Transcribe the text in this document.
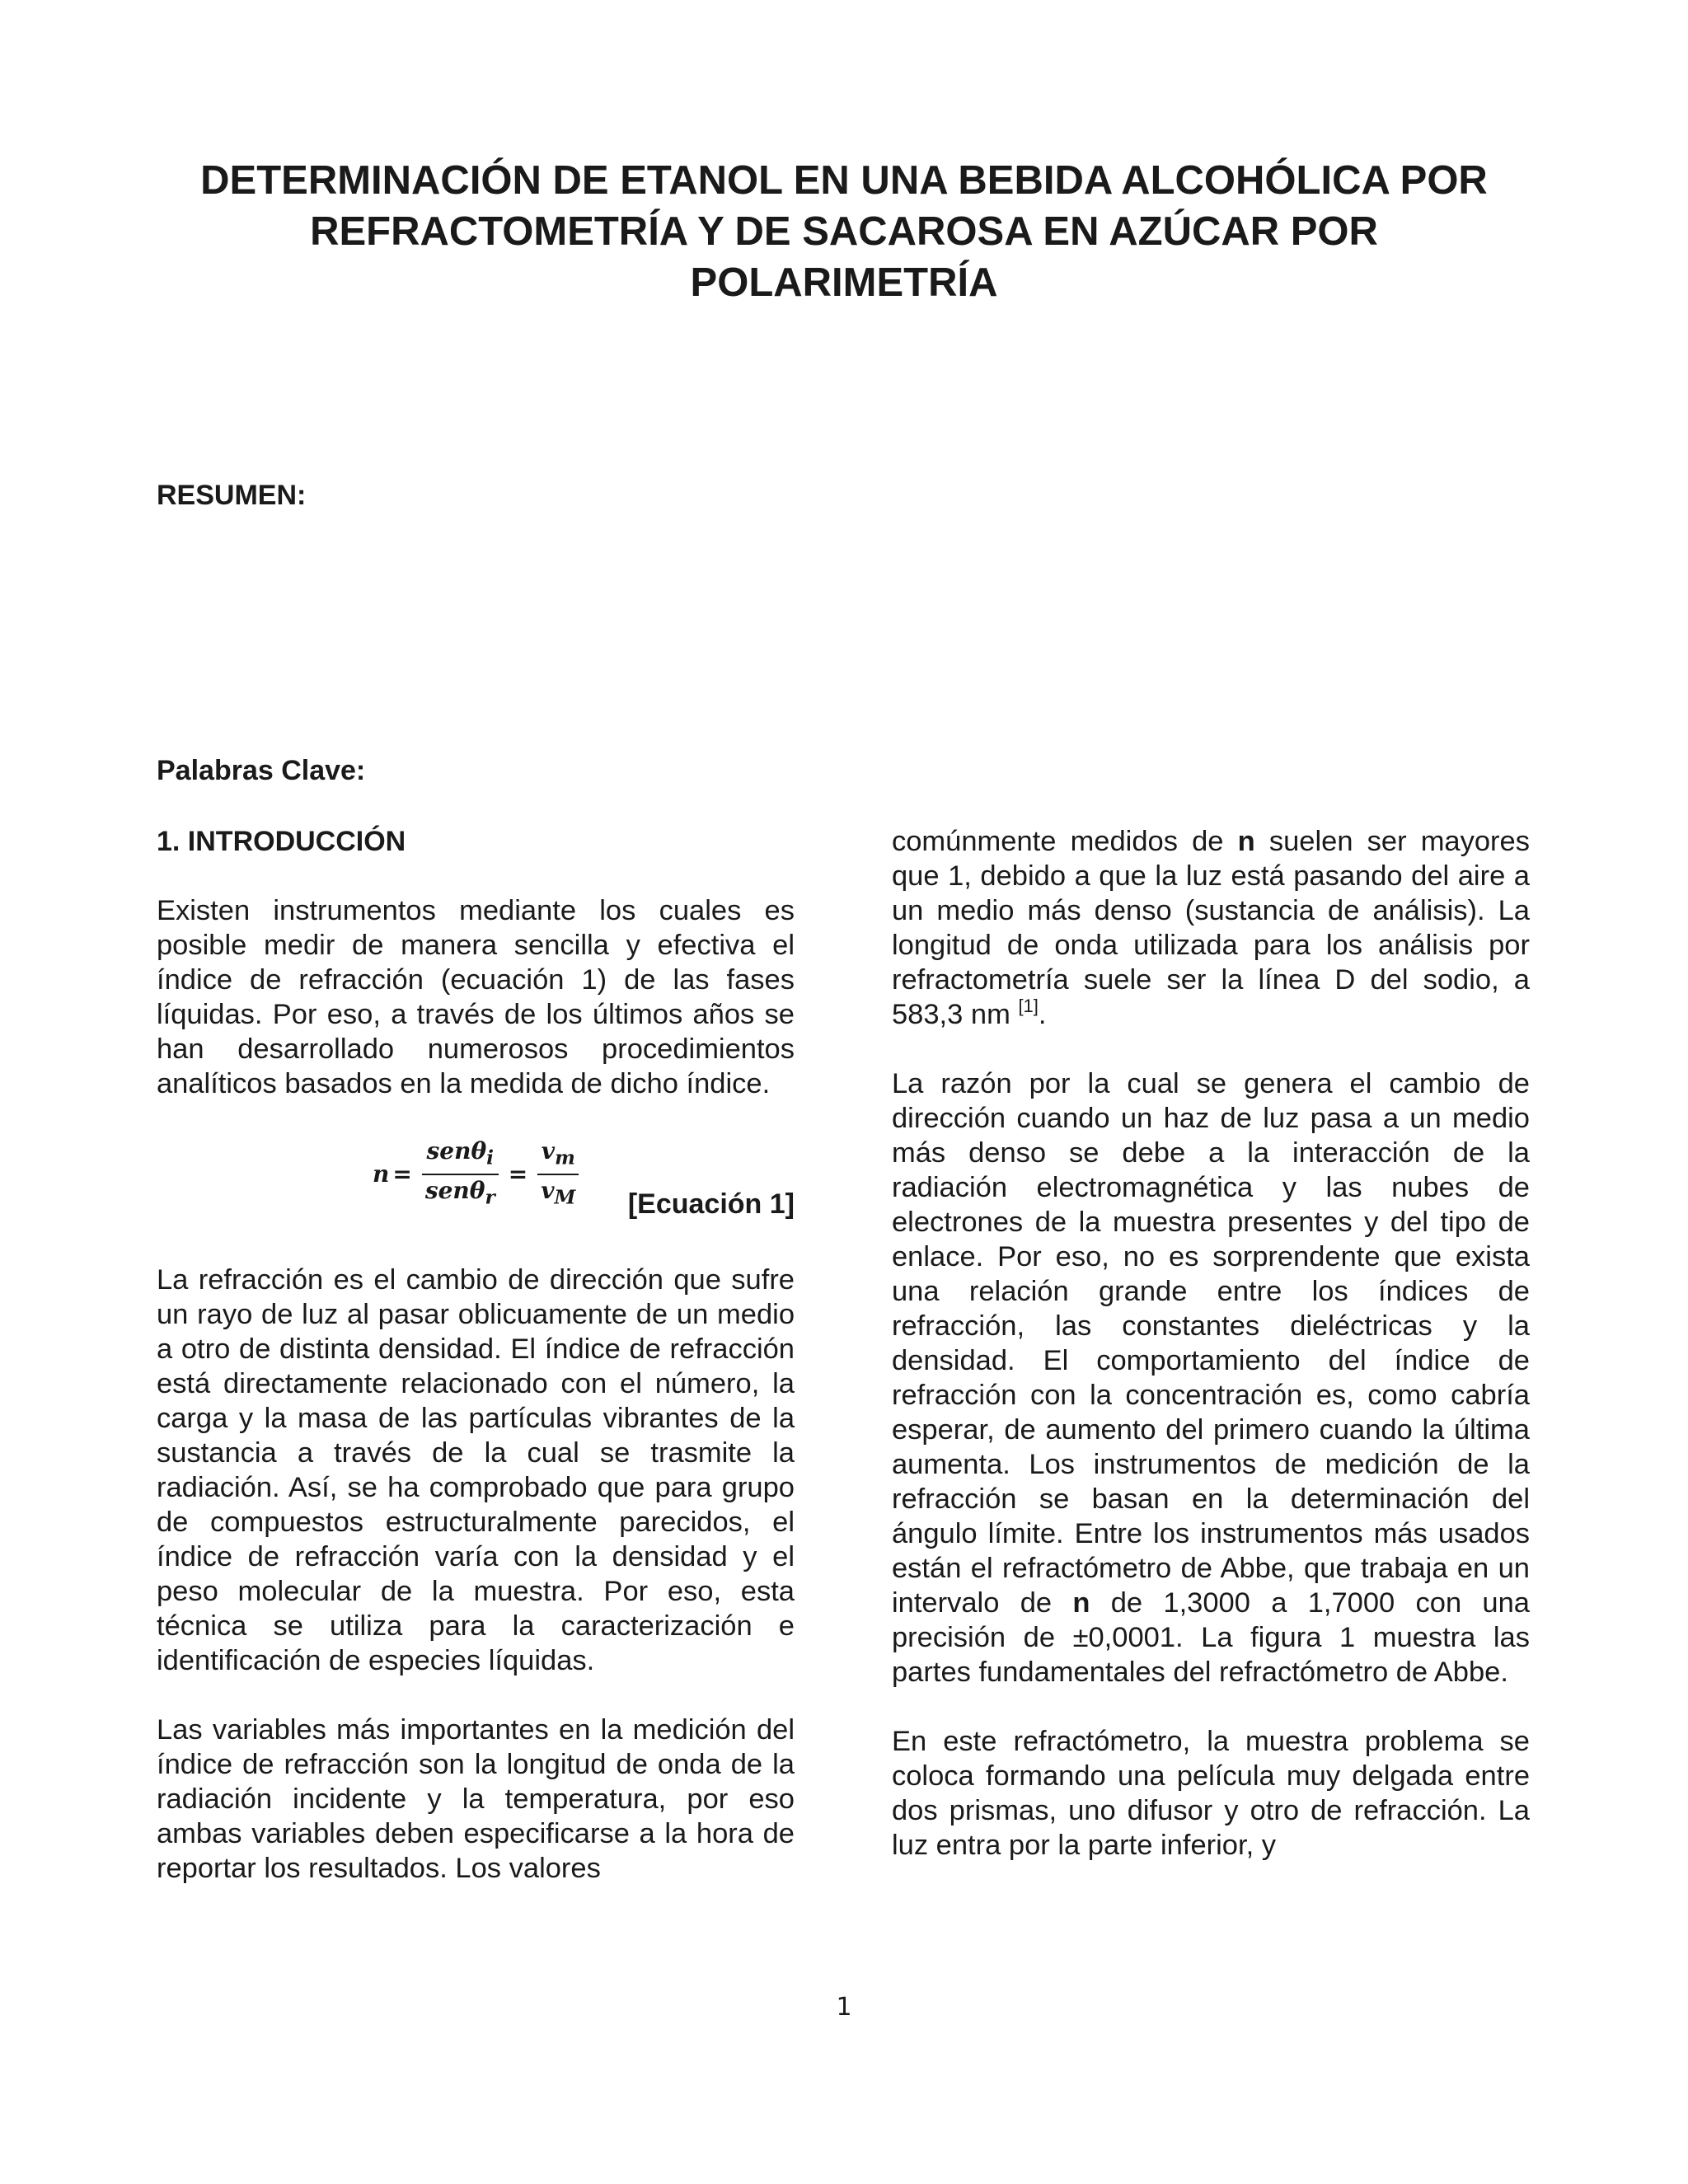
DETERMINACIÓN DE ETANOL EN UNA BEBIDA ALCOHÓLICA POR REFRACTOMETRÍA Y DE SACAROSA EN AZÚCAR POR POLARIMETRÍA
RESUMEN:
Palabras Clave:
1. INTRODUCCIÓN

Existen instrumentos mediante los cuales es posible medir de manera sencilla y efectiva el índice de refracción (ecuación 1) de las fases líquidas. Por eso, a través de los últimos años se han desarrollado numerosos procedimientos analíticos basados en la medida de dicho índice.

$n = \frac{sen\theta_i}{sen\theta_r} = \frac{v_m}{v_M}$ [Ecuación 1]

La refracción es el cambio de dirección que sufre un rayo de luz al pasar oblicuamente de un medio a otro de distinta densidad. El índice de refracción está directamente relacionado con el número, la carga y la masa de las partículas vibrantes de la sustancia a través de la cual se trasmite la radiación. Así, se ha comprobado que para grupo de compuestos estructuralmente parecidos, el índice de refracción varía con la densidad y el peso molecular de la muestra. Por eso, esta técnica se utiliza para la caracterización e identificación de especies líquidas.

Las variables más importantes en la medición del índice de refracción son la longitud de onda de la radiación incidente y la temperatura, por eso ambas variables deben especificarse a la hora de reportar los resultados. Los valores

comúnmente medidos de n suelen ser mayores que 1, debido a que la luz está pasando del aire a un medio más denso (sustancia de análisis). La longitud de onda utilizada para los análisis por refractometría suele ser la línea D del sodio, a 583,3 nm [1].

La razón por la cual se genera el cambio de dirección cuando un haz de luz pasa a un medio más denso se debe a la interacción de la radiación electromagnética y las nubes de electrones de la muestra presentes y del tipo de enlace. Por eso, no es sorprendente que exista una relación grande entre los índices de refracción, las constantes dieléctricas y la densidad. El comportamiento del índice de refracción con la concentración es, como cabría esperar, de aumento del primero cuando la última aumenta. Los instrumentos de medición de la refracción se basan en la determinación del ángulo límite. Entre los instrumentos más usados están el refractómetro de Abbe, que trabaja en un intervalo de n de 1,3000 a 1,7000 con una precisión de ±0,0001. La figura 1 muestra las partes fundamentales del refractómetro de Abbe.

En este refractómetro, la muestra problema se coloca formando una película muy delgada entre dos prismas, uno difusor y otro de refracción. La luz entra por la parte inferior, y

1
